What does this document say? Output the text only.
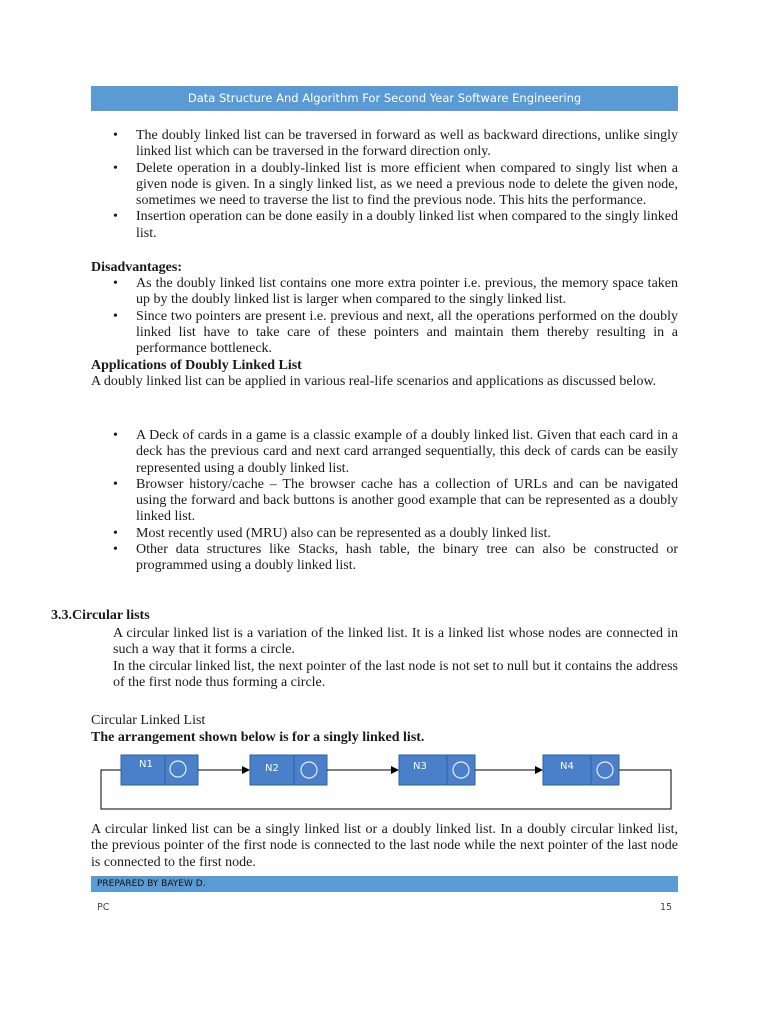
Data Structure And Algorithm For Second Year Software Engineering
• The doubly linked list can be traversed in forward as well as backward directions, unlike singly linked list which can be traversed in the forward direction only.
• Delete operation in a doubly-linked list is more efficient when compared to singly list when a given node is given. In a singly linked list, as we need a previous node to delete the given node, sometimes we need to traverse the list to find the previous node. This hits the performance.
• Insertion operation can be done easily in a doubly linked list when compared to the singly linked list.
Disadvantages:
• As the doubly linked list contains one more extra pointer i.e. previous, the memory space taken up by the doubly linked list is larger when compared to the singly linked list.
• Since two pointers are present i.e. previous and next, all the operations performed on the doubly linked list have to take care of these pointers and maintain them thereby resulting in a performance bottleneck.
Applications of Doubly Linked List

A doubly linked list can be applied in various real-life scenarios and applications as discussed below.

• A Deck of cards in a game is a classic example of a doubly linked list. Given that each card in a deck has the previous card and next card arranged sequentially, this deck of cards can be easily represented using a doubly linked list.
• Browser history/cache – The browser cache has a collection of URLs and can be navigated using the forward and back buttons is another good example that can be represented as a doubly linked list.
• Most recently used (MRU) also can be represented as a doubly linked list.
• Other data structures like Stacks, hash table, the binary tree can also be constructed or programmed using a doubly linked list.
3.3.Circular lists

A circular linked list is a variation of the linked list. It is a linked list whose nodes are connected in such a way that it forms a circle.

In the circular linked list, the next pointer of the last node is not set to null but it contains the address of the first node thus forming a circle.

Circular Linked List
The arrangement shown below is for a singly linked list.
N1	N2	N3	N4

A circular linked list can be a singly linked list or a doubly linked list. In a doubly circular linked list, the previous pointer of the first node is connected to the last node while the next pointer of the last node is connected to the first node.

PREPARED BY BAYEW D.
PC	15
